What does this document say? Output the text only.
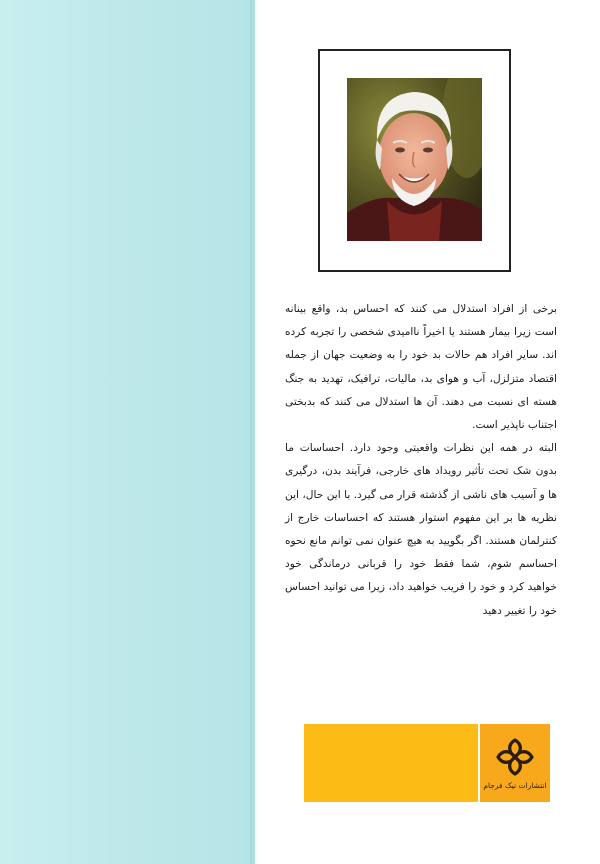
برخی از افراد استدلال می کنند که احساس بد، واقع بینانه است زیرا بیمار هستند یا اخیراً ناامیدی شخصی را تجربه کرده اند. سایر افراد هم حالات بد خود را به وضعیت جهان از جمله اقتصاد متزلزل، آب و هوای بد، مالیات، ترافیک، تهدید به جنگ هسته ای نسبت می دهند. آن ها استدلال می کنند که بدبختی اجتناب ناپذیر است.

البته در همه این نظرات واقعیتی وجود دارد. احساسات ما بدون شک تحت تأثیر رویداد های خارجی، فرآیند بدن، درگیری ها و آسیب های ناشی از گذشته قرار می گیرد. با این حال، این نظریه ها بر این مفهوم استوار هستند که احساسات خارج از کنترلمان هستند. اگر بگویید به هیچ عنوان نمی توانم مانع نحوه احساسم شوم، شما فقط خود را قربانی درماندگی خود خواهید کرد و خود را فریب خواهید داد، زیرا می توانید احساس خود را تغییر دهید

انتشارات نیک فرجام
